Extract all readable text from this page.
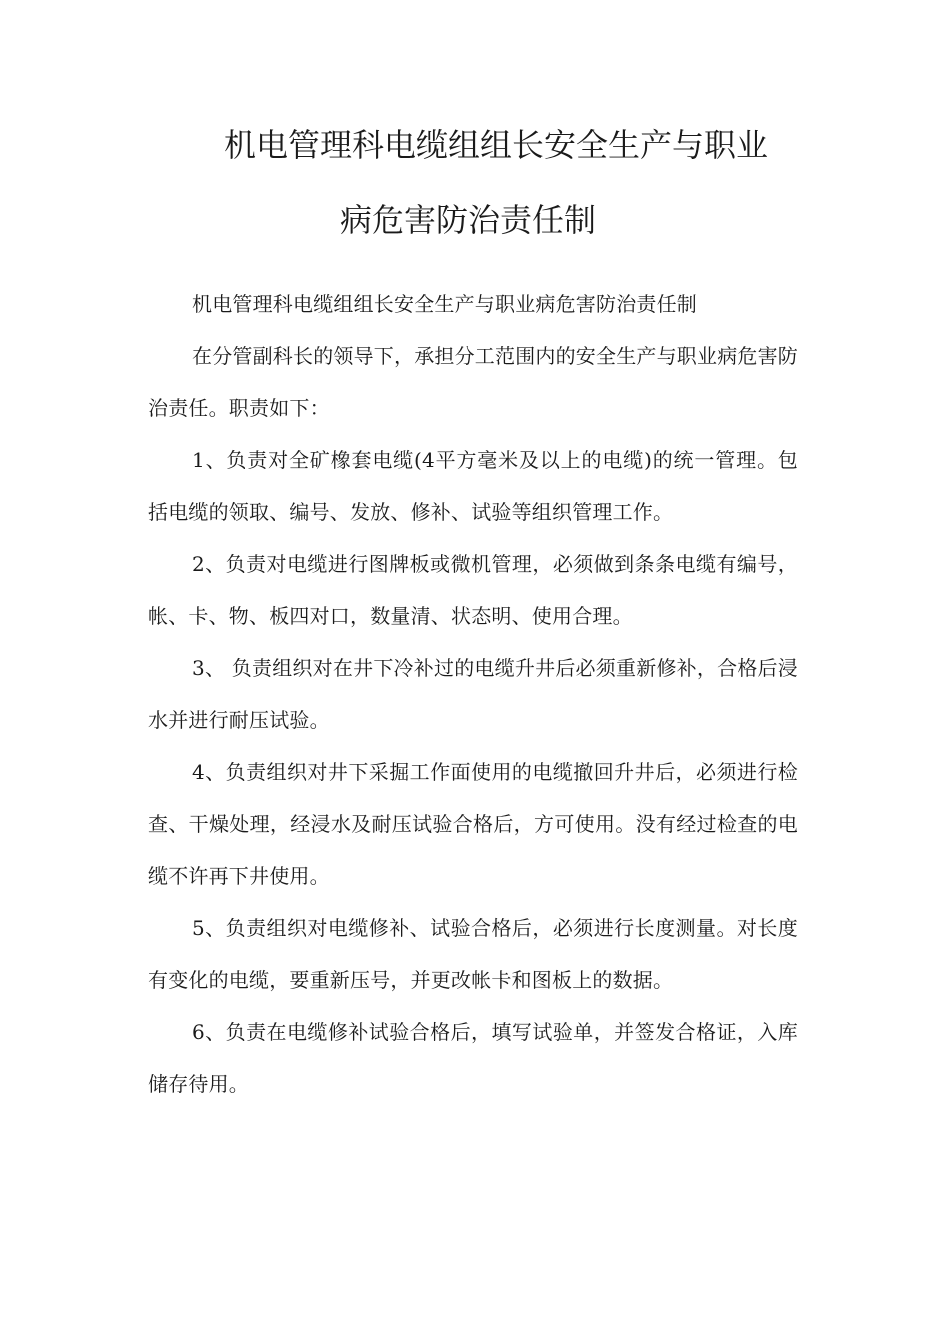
机电管理科电缆组组长安全生产与职业
病危害防治责任制

机电管理科电缆组组长安全生产与职业病危害防治责任制

在分管副科长的领导下，承担分工范围内的安全生产与职业病危害防治责任。职责如下：

1、负责对全矿橡套电缆(4平方毫米及以上的电缆)的统一管理。包括电缆的领取、编号、发放、修补、试验等组织管理工作。

2、负责对电缆进行图牌板或微机管理，必须做到条条电缆有编号，帐、卡、物、板四对口，数量清、状态明、使用合理。

3、 负责组织对在井下冷补过的电缆升井后必须重新修补，合格后浸水并进行耐压试验。

4、负责组织对井下采掘工作面使用的电缆撤回升井后，必须进行检查、干燥处理，经浸水及耐压试验合格后，方可使用。没有经过检查的电缆不许再下井使用。

5、负责组织对电缆修补、试验合格后，必须进行长度测量。对长度有变化的电缆，要重新压号，并更改帐卡和图板上的数据。

6、负责在电缆修补试验合格后，填写试验单，并签发合格证，入库储存待用。
